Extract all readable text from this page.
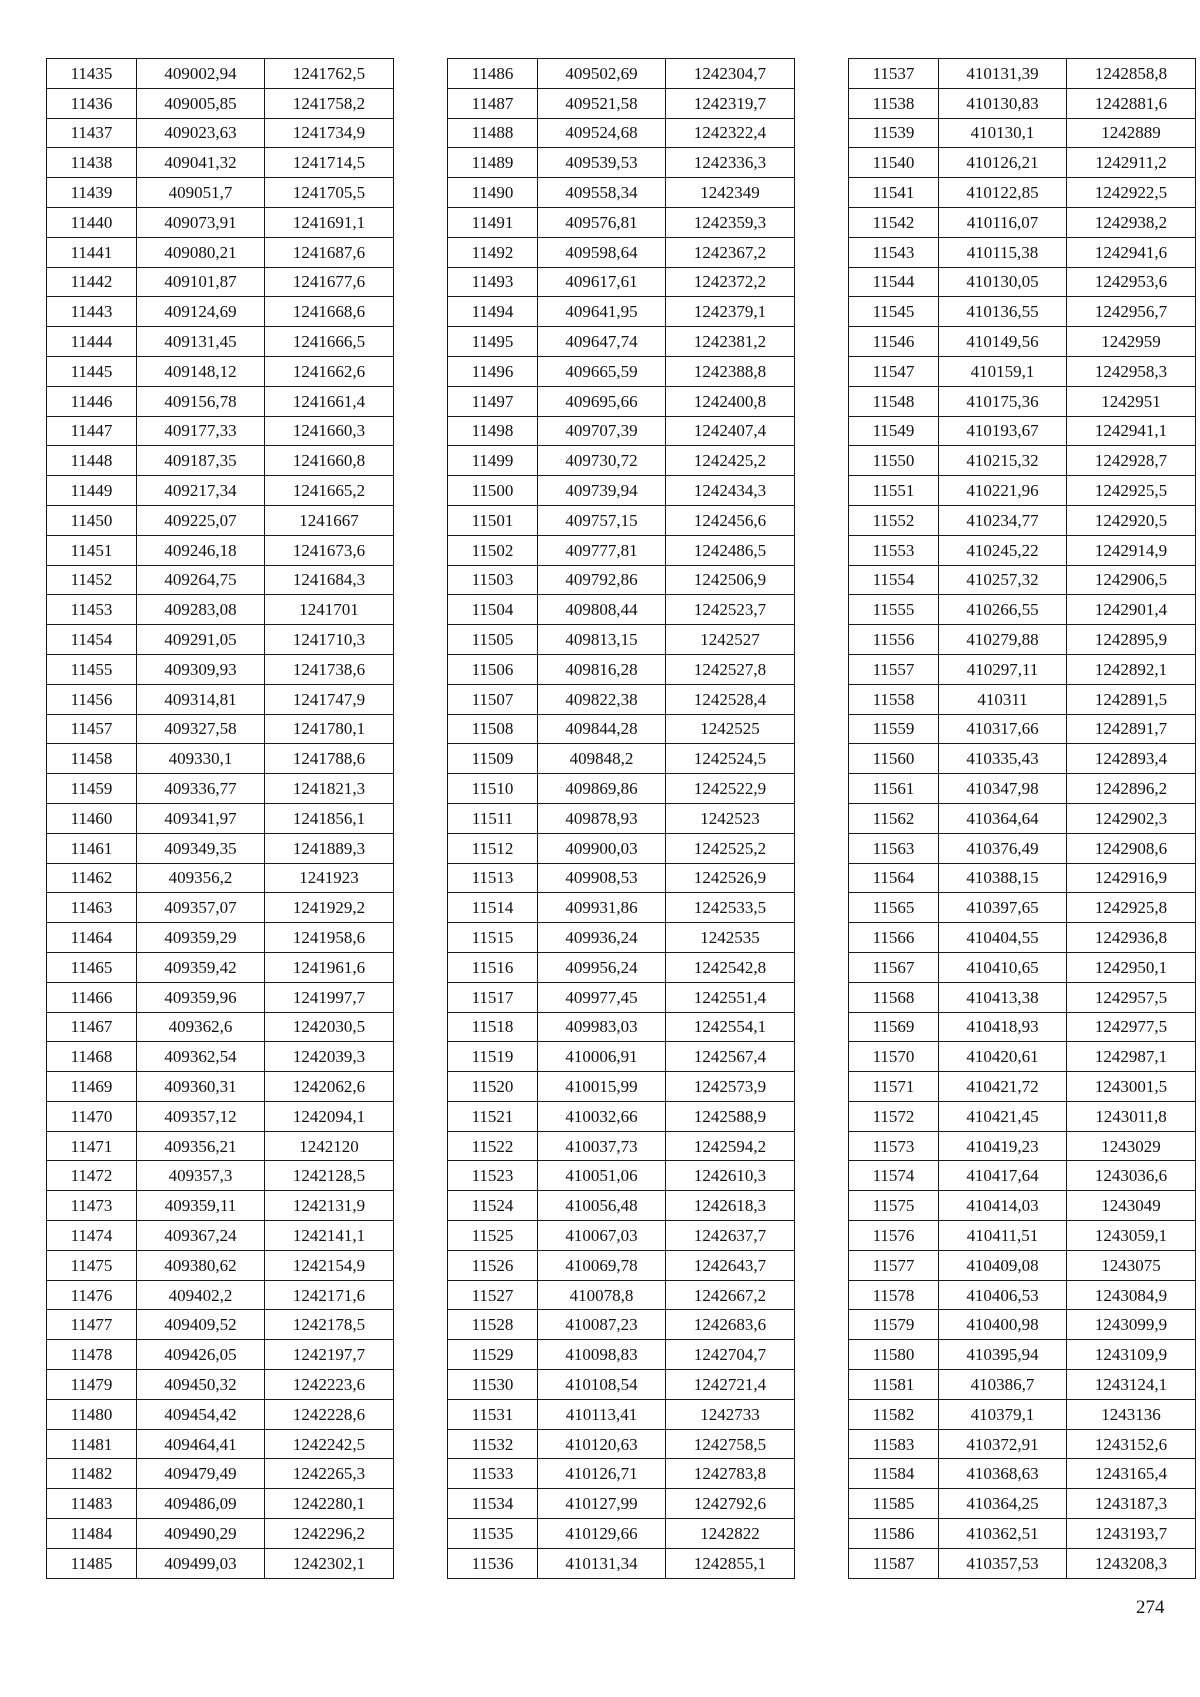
11435	409002,94	1241762,5
11436	409005,85	1241758,2
11437	409023,63	1241734,9
11438	409041,32	1241714,5
11439	409051,7	1241705,5
11440	409073,91	1241691,1
11441	409080,21	1241687,6
11442	409101,87	1241677,6
11443	409124,69	1241668,6
11444	409131,45	1241666,5
11445	409148,12	1241662,6
11446	409156,78	1241661,4
11447	409177,33	1241660,3
11448	409187,35	1241660,8
11449	409217,34	1241665,2
11450	409225,07	1241667
11451	409246,18	1241673,6
11452	409264,75	1241684,3
11453	409283,08	1241701
11454	409291,05	1241710,3
11455	409309,93	1241738,6
11456	409314,81	1241747,9
11457	409327,58	1241780,1
11458	409330,1	1241788,6
11459	409336,77	1241821,3
11460	409341,97	1241856,1
11461	409349,35	1241889,3
11462	409356,2	1241923
11463	409357,07	1241929,2
11464	409359,29	1241958,6
11465	409359,42	1241961,6
11466	409359,96	1241997,7
11467	409362,6	1242030,5
11468	409362,54	1242039,3
11469	409360,31	1242062,6
11470	409357,12	1242094,1
11471	409356,21	1242120
11472	409357,3	1242128,5
11473	409359,11	1242131,9
11474	409367,24	1242141,1
11475	409380,62	1242154,9
11476	409402,2	1242171,6
11477	409409,52	1242178,5
11478	409426,05	1242197,7
11479	409450,32	1242223,6
11480	409454,42	1242228,6
11481	409464,41	1242242,5
11482	409479,49	1242265,3
11483	409486,09	1242280,1
11484	409490,29	1242296,2
11485	409499,03	1242302,1
11486	409502,69	1242304,7
11487	409521,58	1242319,7
11488	409524,68	1242322,4
11489	409539,53	1242336,3
11490	409558,34	1242349
11491	409576,81	1242359,3
11492	409598,64	1242367,2
11493	409617,61	1242372,2
11494	409641,95	1242379,1
11495	409647,74	1242381,2
11496	409665,59	1242388,8
11497	409695,66	1242400,8
11498	409707,39	1242407,4
11499	409730,72	1242425,2
11500	409739,94	1242434,3
11501	409757,15	1242456,6
11502	409777,81	1242486,5
11503	409792,86	1242506,9
11504	409808,44	1242523,7
11505	409813,15	1242527
11506	409816,28	1242527,8
11507	409822,38	1242528,4
11508	409844,28	1242525
11509	409848,2	1242524,5
11510	409869,86	1242522,9
11511	409878,93	1242523
11512	409900,03	1242525,2
11513	409908,53	1242526,9
11514	409931,86	1242533,5
11515	409936,24	1242535
11516	409956,24	1242542,8
11517	409977,45	1242551,4
11518	409983,03	1242554,1
11519	410006,91	1242567,4
11520	410015,99	1242573,9
11521	410032,66	1242588,9
11522	410037,73	1242594,2
11523	410051,06	1242610,3
11524	410056,48	1242618,3
11525	410067,03	1242637,7
11526	410069,78	1242643,7
11527	410078,8	1242667,2
11528	410087,23	1242683,6
11529	410098,83	1242704,7
11530	410108,54	1242721,4
11531	410113,41	1242733
11532	410120,63	1242758,5
11533	410126,71	1242783,8
11534	410127,99	1242792,6
11535	410129,66	1242822
11536	410131,34	1242855,1
11537	410131,39	1242858,8
11538	410130,83	1242881,6
11539	410130,1	1242889
11540	410126,21	1242911,2
11541	410122,85	1242922,5
11542	410116,07	1242938,2
11543	410115,38	1242941,6
11544	410130,05	1242953,6
11545	410136,55	1242956,7
11546	410149,56	1242959
11547	410159,1	1242958,3
11548	410175,36	1242951
11549	410193,67	1242941,1
11550	410215,32	1242928,7
11551	410221,96	1242925,5
11552	410234,77	1242920,5
11553	410245,22	1242914,9
11554	410257,32	1242906,5
11555	410266,55	1242901,4
11556	410279,88	1242895,9
11557	410297,11	1242892,1
11558	410311	1242891,5
11559	410317,66	1242891,7
11560	410335,43	1242893,4
11561	410347,98	1242896,2
11562	410364,64	1242902,3
11563	410376,49	1242908,6
11564	410388,15	1242916,9
11565	410397,65	1242925,8
11566	410404,55	1242936,8
11567	410410,65	1242950,1
11568	410413,38	1242957,5
11569	410418,93	1242977,5
11570	410420,61	1242987,1
11571	410421,72	1243001,5
11572	410421,45	1243011,8
11573	410419,23	1243029
11574	410417,64	1243036,6
11575	410414,03	1243049
11576	410411,51	1243059,1
11577	410409,08	1243075
11578	410406,53	1243084,9
11579	410400,98	1243099,9
11580	410395,94	1243109,9
11581	410386,7	1243124,1
11582	410379,1	1243136
11583	410372,91	1243152,6
11584	410368,63	1243165,4
11585	410364,25	1243187,3
11586	410362,51	1243193,7
11587	410357,53	1243208,3
274
